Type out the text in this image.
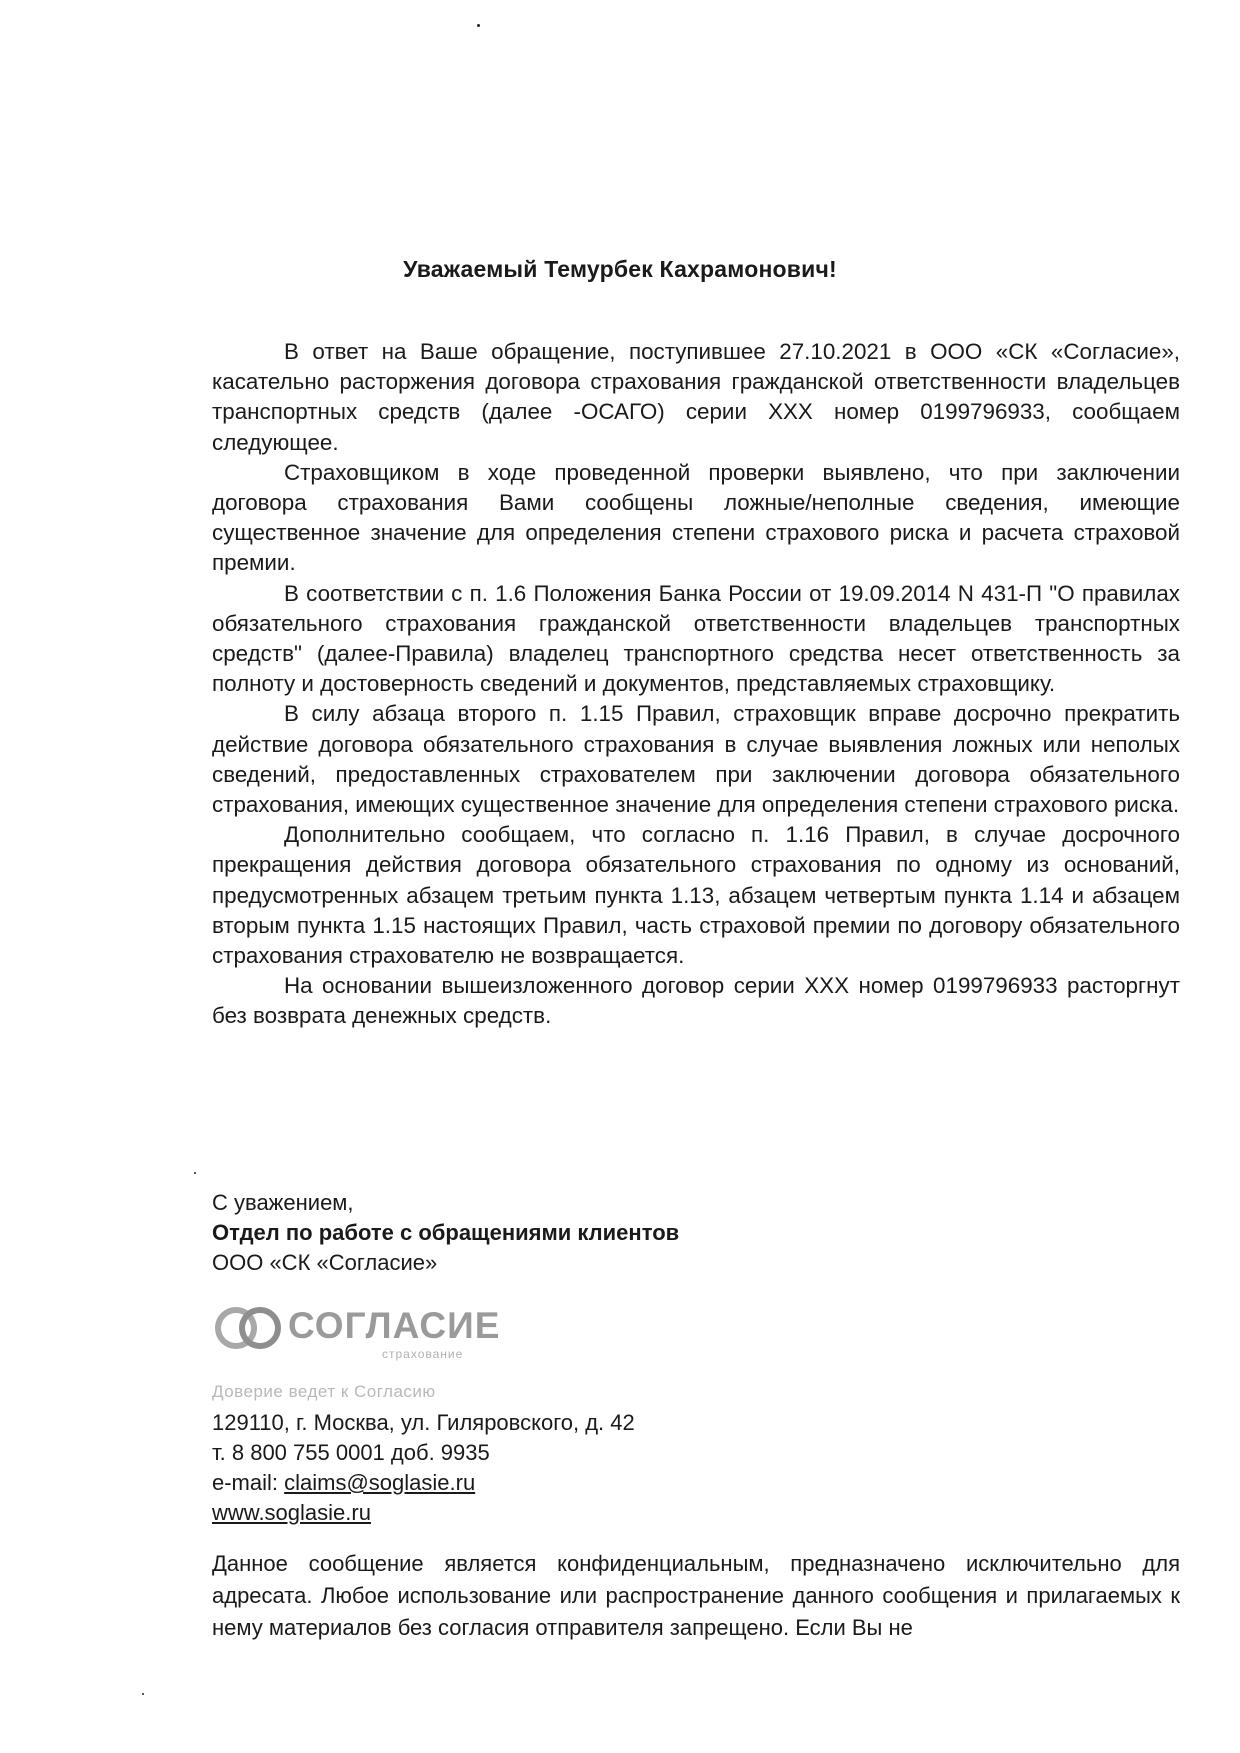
Уважаемый Темурбек Кахрамонович!

В ответ на Ваше обращение, поступившее 27.10.2021 в ООО «СК «Согласие», касательно расторжения договора страхования гражданской ответственности владельцев транспортных средств (далее -ОСАГО) серии ХХХ номер 0199796933, сообщаем следующее.

Страховщиком в ходе проведенной проверки выявлено, что при заключении договора страхования Вами сообщены ложные/неполные сведения, имеющие существенное значение для определения степени страхового риска и расчета страховой премии.

В соответствии с п. 1.6 Положения Банка России от 19.09.2014 N 431-П "О правилах обязательного страхования гражданской ответственности владельцев транспортных средств" (далее-Правила) владелец транспортного средства несет ответственность за полноту и достоверность сведений и документов, представляемых страховщику.

В силу абзаца второго п. 1.15 Правил, страховщик вправе досрочно прекратить действие договора обязательного страхования в случае выявления ложных или неполых сведений, предоставленных страхователем при заключении договора обязательного страхования, имеющих существенное значение для определения степени страхового риска.

Дополнительно сообщаем, что согласно п. 1.16 Правил, в случае досрочного прекращения действия договора обязательного страхования по одному из оснований, предусмотренных абзацем третьим пункта 1.13, абзацем четвертым пункта 1.14 и абзацем вторым пункта 1.15 настоящих Правил, часть страховой премии по договору обязательного страхования страхователю не возвращается.

На основании вышеизложенного договор серии ХХХ номер 0199796933 расторгнут без возврата денежных средств.

С уважением,
Отдел по работе с обращениями клиентов
ООО «СК «Согласие»
СОГЛАСИЕ
страхование
Доверие ведет к Согласию
129110, г. Москва, ул. Гиляровского, д. 42
т. 8 800 755 0001 доб. 9935
e-mail: claims@soglasie.ru
www.soglasie.ru
Данное сообщение является конфиденциальным, предназначено исключительно для адресата. Любое использование или распространение данного сообщения и прилагаемых к нему материалов без согласия отправителя запрещено. Если Вы не
